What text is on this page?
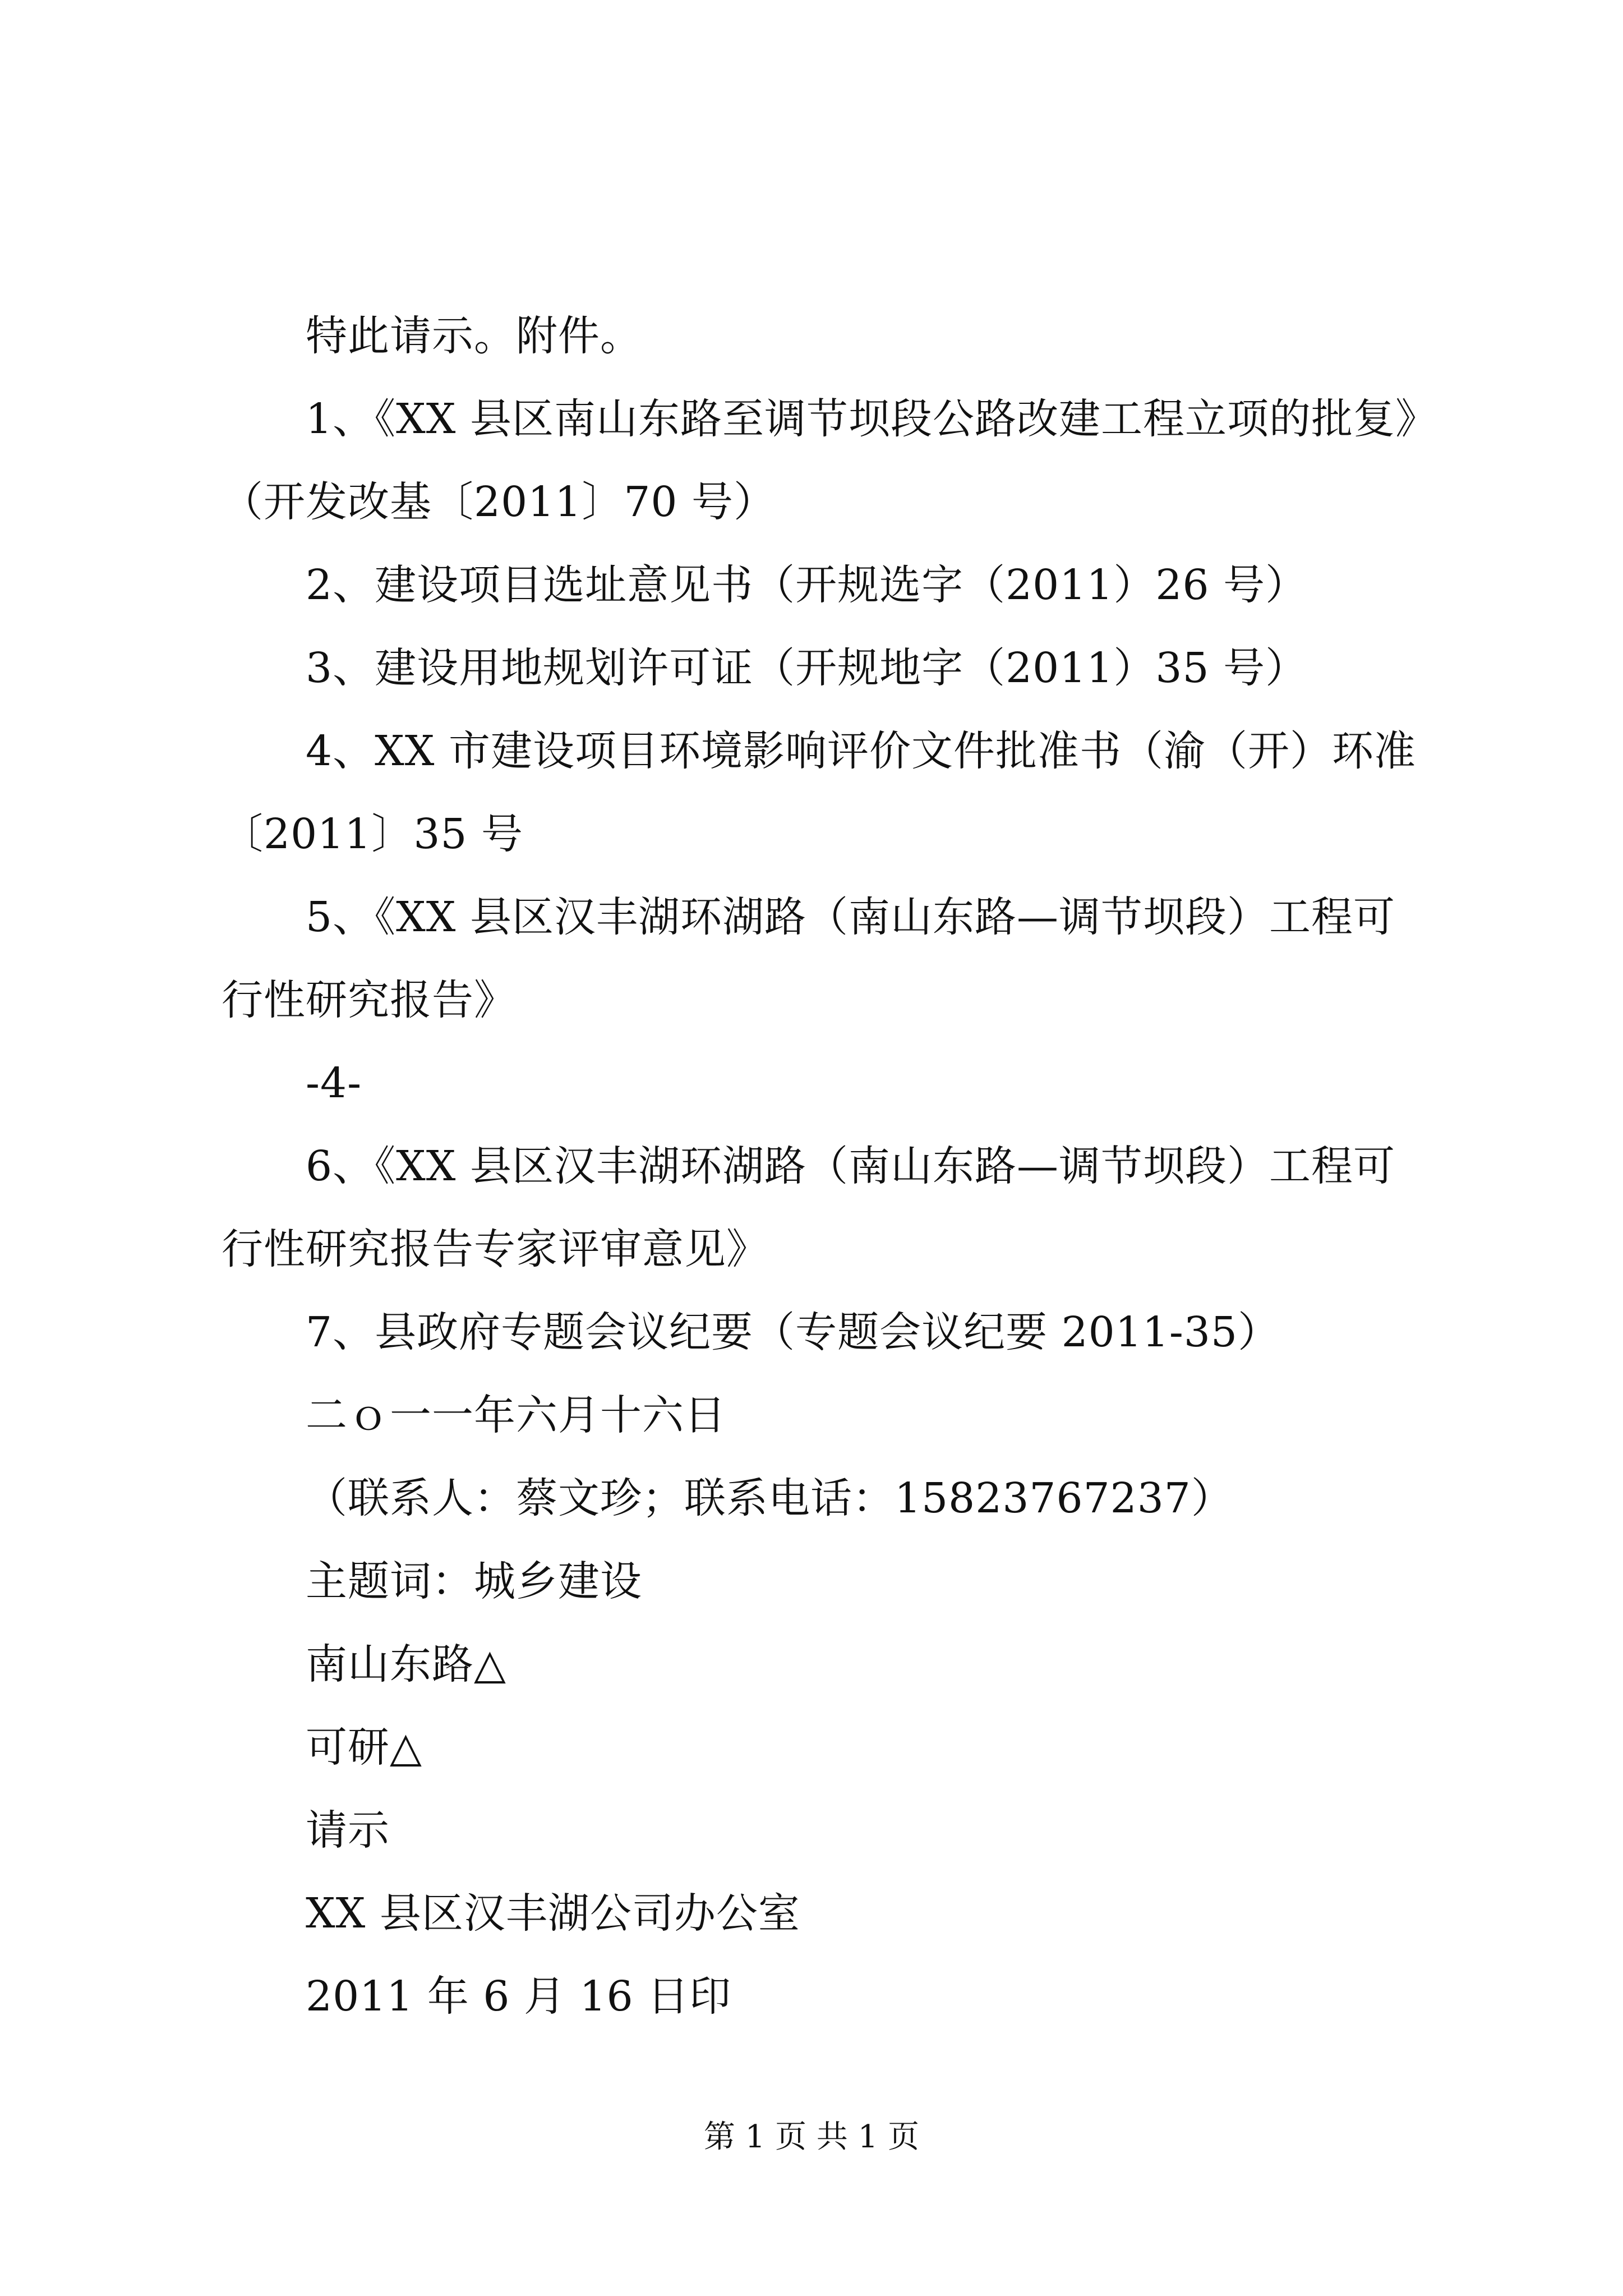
特此请示。附件。
1、《XX 县区南山东路至调节坝段公路改建工程立项的批复》
（开发改基〔2011〕70 号）
2、建设项目选址意见书（开规选字（2011）26 号）
3、建设用地规划许可证（开规地字（2011）35 号）
4、XX 市建设项目环境影响评价文件批准书（渝（开）环准
〔2011〕35 号
5、《XX 县区汉丰湖环湖路（南山东路—调节坝段）工程可
行性研究报告》
-4-
6、《XX 县区汉丰湖环湖路（南山东路—调节坝段）工程可
行性研究报告专家评审意见》
7、县政府专题会议纪要（专题会议纪要 2011-35）
二ｏ一一年六月十六日
（联系人：蔡文珍；联系电话：15823767237）
主题词：城乡建设
南山东路△
可研△
请示
XX 县区汉丰湖公司办公室
2011 年 6 月 16 日印
第 1 页 共 1 页
